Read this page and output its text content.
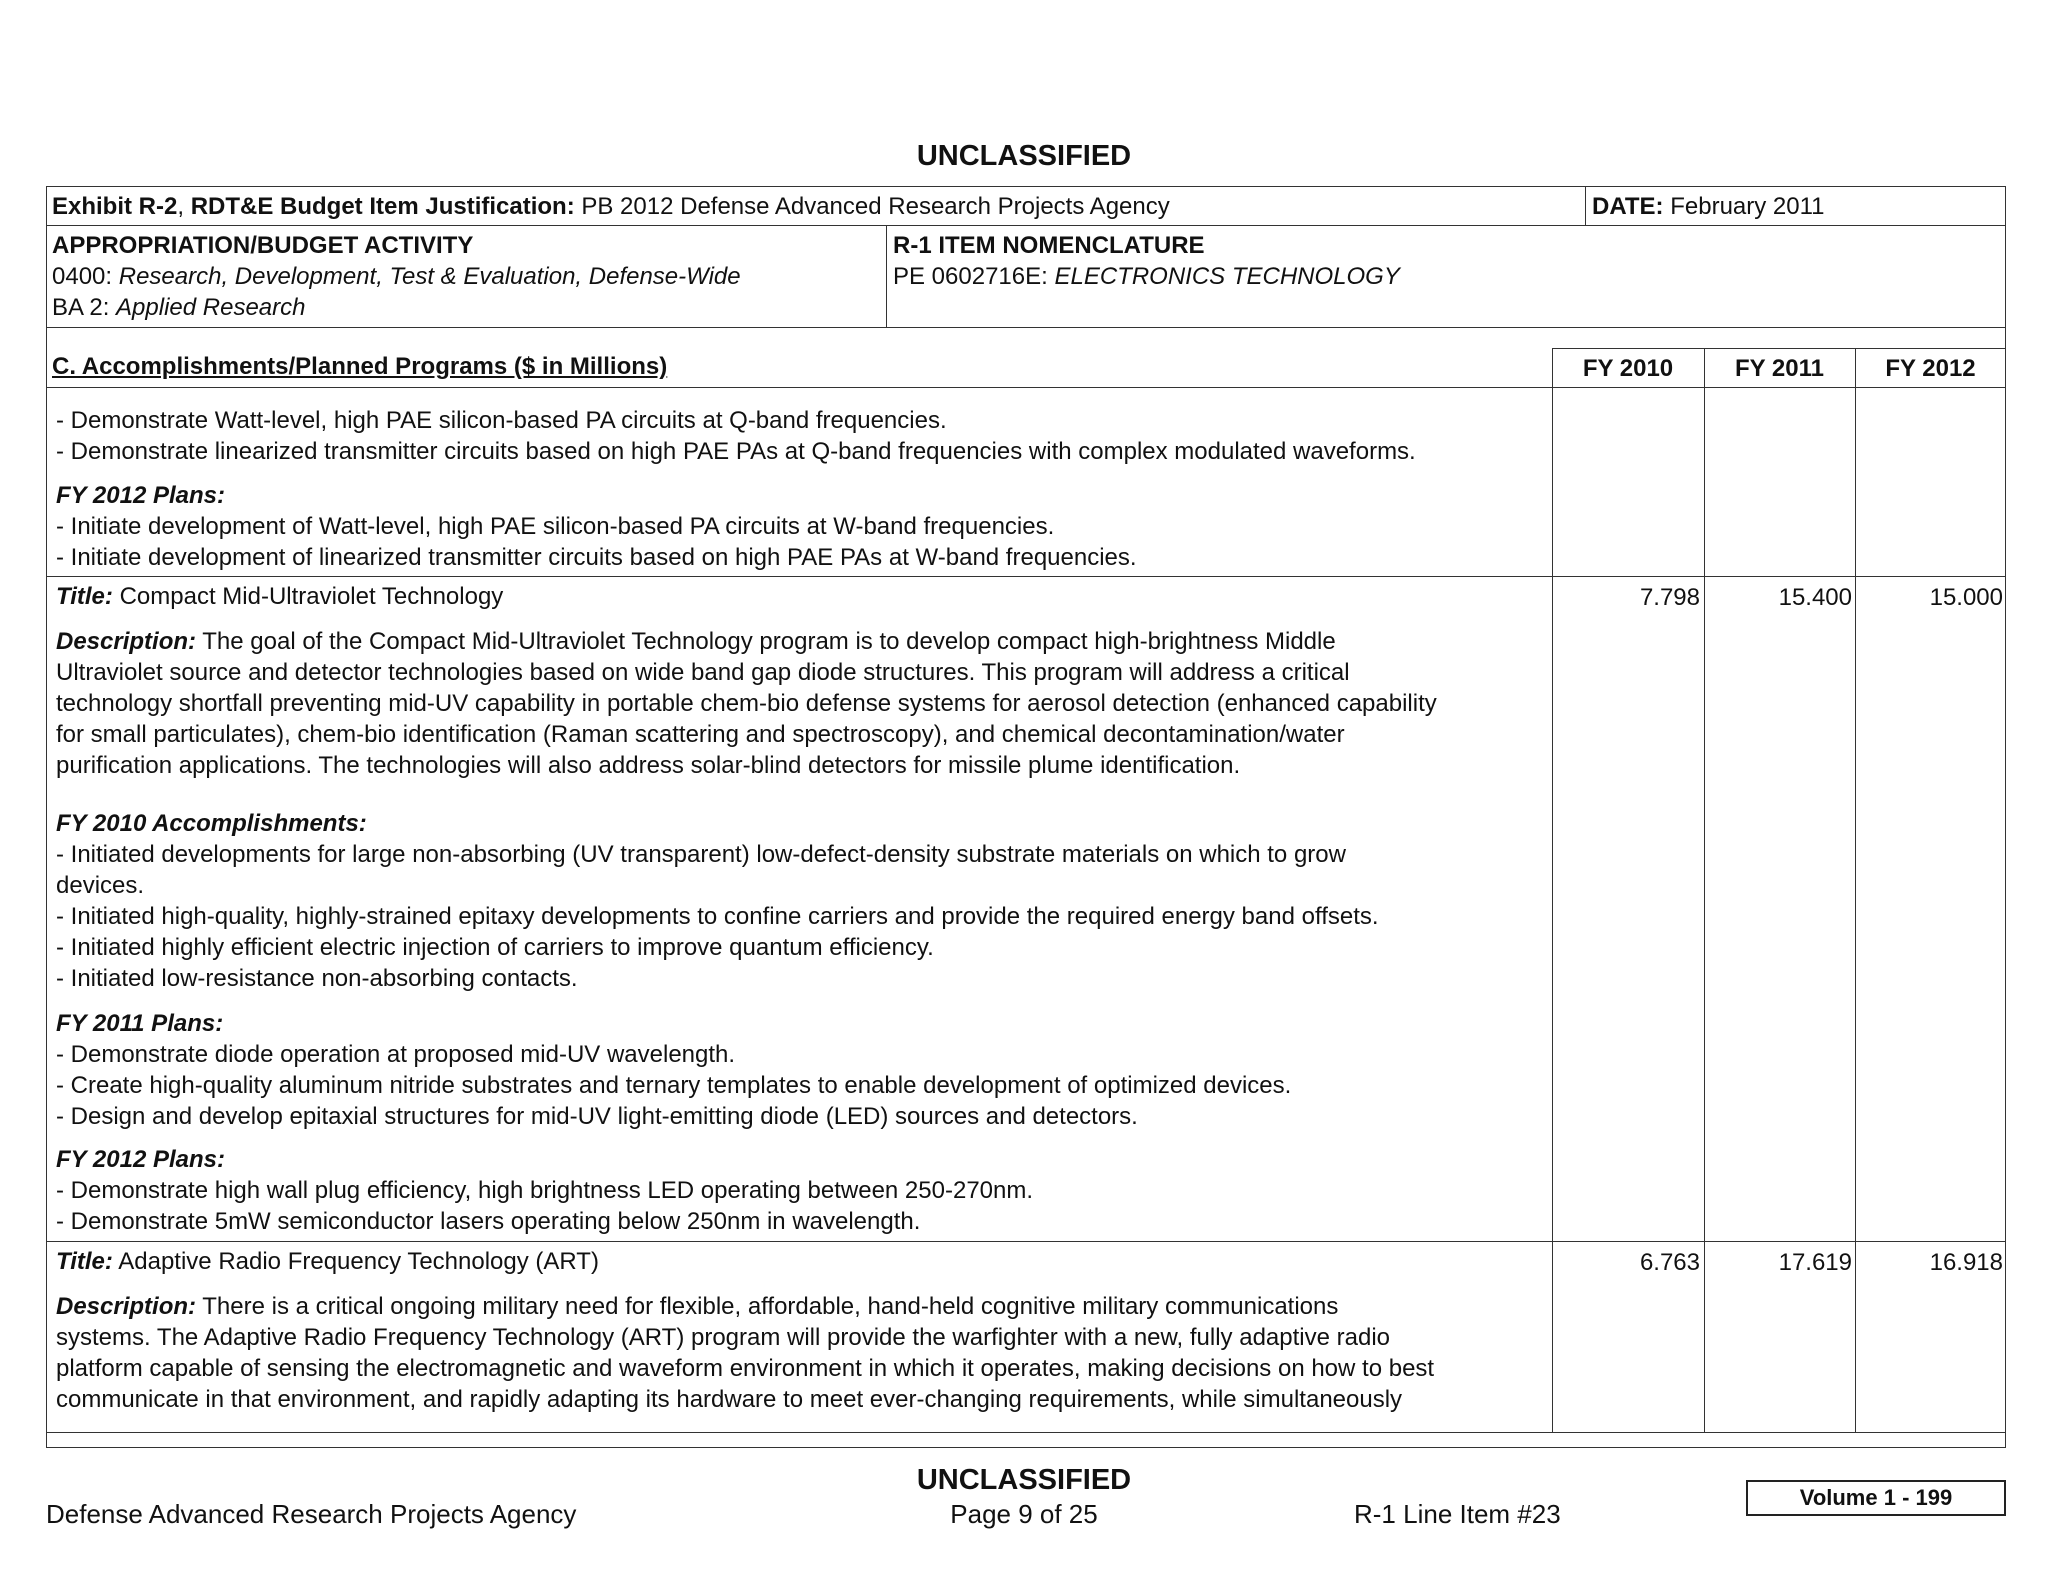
UNCLASSIFIED
Exhibit R-2, RDT&E Budget Item Justification: PB 2012 Defense Advanced Research Projects Agency	DATE: February 2011
APPROPRIATION/BUDGET ACTIVITY
0400: Research, Development, Test & Evaluation, Defense-Wide
BA 2: Applied Research
R-1 ITEM NOMENCLATURE
PE 0602716E: ELECTRONICS TECHNOLOGY
C. Accomplishments/Planned Programs ($ in Millions)	FY 2010	FY 2011	FY 2012
- Demonstrate Watt-level, high PAE silicon-based PA circuits at Q-band frequencies.
- Demonstrate linearized transmitter circuits based on high PAE PAs at Q-band frequencies with complex modulated waveforms.
FY 2012 Plans:
- Initiate development of Watt-level, high PAE silicon-based PA circuits at W-band frequencies.
- Initiate development of linearized transmitter circuits based on high PAE PAs at W-band frequencies.
Title: Compact Mid-Ultraviolet Technology	7.798	15.400	15.000
Description: The goal of the Compact Mid-Ultraviolet Technology program is to develop compact high-brightness Middle
Ultraviolet source and detector technologies based on wide band gap diode structures. This program will address a critical
technology shortfall preventing mid-UV capability in portable chem-bio defense systems for aerosol detection (enhanced capability
for small particulates), chem-bio identification (Raman scattering and spectroscopy), and chemical decontamination/water
purification applications. The technologies will also address solar-blind detectors for missile plume identification.
FY 2010 Accomplishments:
- Initiated developments for large non-absorbing (UV transparent) low-defect-density substrate materials on which to grow
devices.
- Initiated high-quality, highly-strained epitaxy developments to confine carriers and provide the required energy band offsets.
- Initiated highly efficient electric injection of carriers to improve quantum efficiency.
- Initiated low-resistance non-absorbing contacts.
FY 2011 Plans:
- Demonstrate diode operation at proposed mid-UV wavelength.
- Create high-quality aluminum nitride substrates and ternary templates to enable development of optimized devices.
- Design and develop epitaxial structures for mid-UV light-emitting diode (LED) sources and detectors.
FY 2012 Plans:
- Demonstrate high wall plug efficiency, high brightness LED operating between 250-270nm.
- Demonstrate 5mW semiconductor lasers operating below 250nm in wavelength.
Title: Adaptive Radio Frequency Technology (ART)	6.763	17.619	16.918
Description: There is a critical ongoing military need for flexible, affordable, hand-held cognitive military communications
systems. The Adaptive Radio Frequency Technology (ART) program will provide the warfighter with a new, fully adaptive radio
platform capable of sensing the electromagnetic and waveform environment in which it operates, making decisions on how to best
communicate in that environment, and rapidly adapting its hardware to meet ever-changing requirements, while simultaneously
UNCLASSIFIED
Defense Advanced Research Projects Agency	Page 9 of 25	R-1 Line Item #23
Volume 1 - 199
